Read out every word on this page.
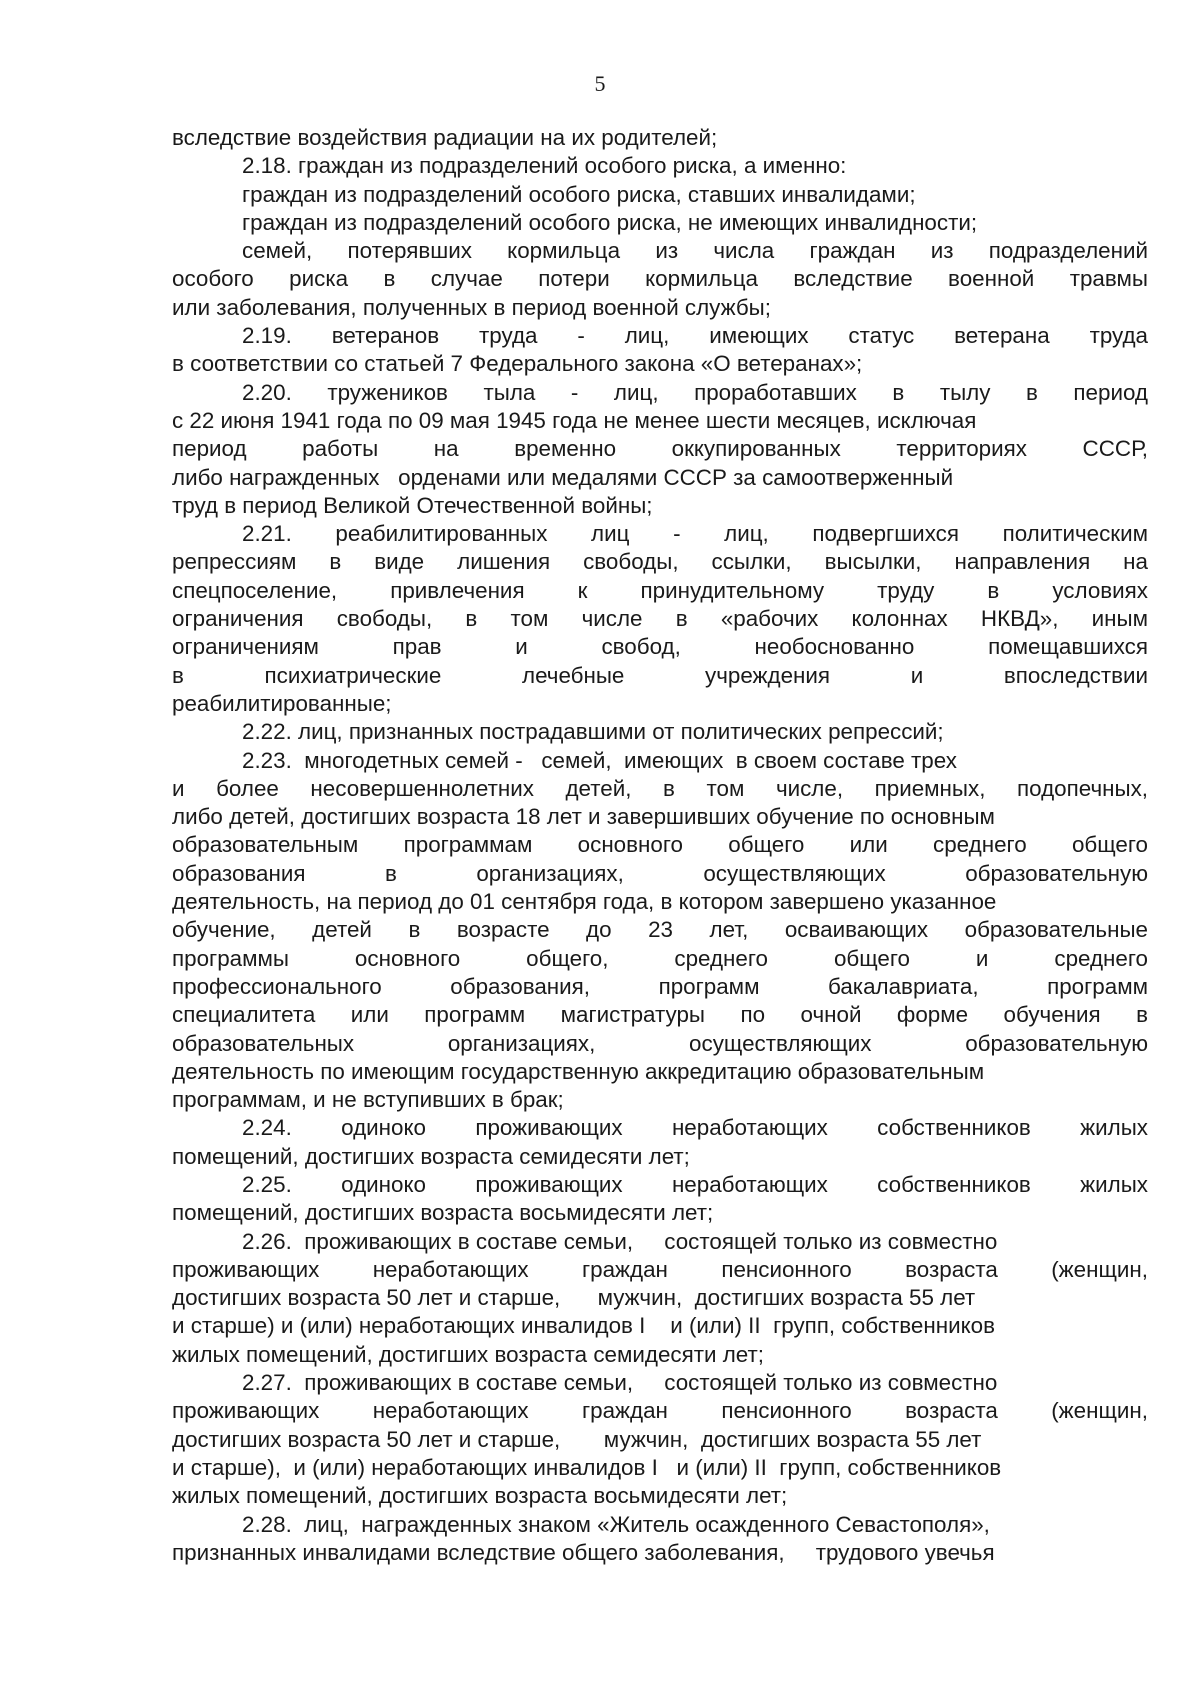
5
вследствие воздействия радиации на их родителей;
2.18. граждан из подразделений особого риска, а именно:
граждан из подразделений особого риска, ставших инвалидами;
граждан из подразделений особого риска, не имеющих инвалидности;
семей, потерявших кормильца из числа граждан из подразделений
особого риска в случае потери кормильца вследствие военной травмы
или заболевания, полученных в период военной службы;
2.19. ветеранов труда - лиц, имеющих статус ветерана труда
в соответствии со статьей 7 Федерального закона «О ветеранах»;
2.20. тружеников тыла - лиц, проработавших в тылу в период
с 22 июня 1941 года по 09 мая 1945 года не менее шести месяцев, исключая
период работы на временно оккупированных территориях СССР,
либо награжденных   орденами или медалями СССР за самоотверженный
труд в период Великой Отечественной войны;
2.21. реабилитированных лиц - лиц, подвергшихся политическим
репрессиям в виде лишения свободы, ссылки, высылки, направления на
спецпоселение, привлечения к принудительному труду в условиях
ограничения свободы, в том числе в «рабочих колоннах НКВД», иным
ограничениям прав и свобод, необоснованно помещавшихся
в психиатрические лечебные учреждения и впоследствии
реабилитированные;
2.22. лиц, признанных пострадавшими от политических репрессий;
2.23.  многодетных семей -   семей,  имеющих  в своем составе трех
и более несовершеннолетних детей, в том числе, приемных, подопечных,
либо детей, достигших возраста 18 лет и завершивших обучение по основным
образовательным программам основного общего или среднего общего
образования в организациях, осуществляющих образовательную
деятельность, на период до 01 сентября года, в котором завершено указанное
обучение, детей в возрасте до 23 лет, осваивающих образовательные
программы основного общего, среднего общего и среднего
профессионального образования, программ бакалавриата, программ
специалитета или программ магистратуры по очной форме обучения в
образовательных организациях, осуществляющих образовательную
деятельность по имеющим государственную аккредитацию образовательным
программам, и не вступивших в брак;
2.24. одиноко проживающих неработающих собственников жилых
помещений, достигших возраста семидесяти лет;
2.25. одиноко проживающих неработающих собственников жилых
помещений, достигших возраста восьмидесяти лет;
2.26.  проживающих в составе семьи,     состоящей только из совместно
проживающих неработающих граждан пенсионного возраста (женщин,
достигших возраста 50 лет и старше,      мужчин,  достигших возраста 55 лет
и старше) и (или) неработающих инвалидов I    и (или) II  групп, собственников
жилых помещений, достигших возраста семидесяти лет;
2.27.  проживающих в составе семьи,     состоящей только из совместно
проживающих неработающих граждан пенсионного возраста (женщин,
достигших возраста 50 лет и старше,       мужчин,  достигших возраста 55 лет
и старше),  и (или) неработающих инвалидов I   и (или) II  групп, собственников
жилых помещений, достигших возраста восьмидесяти лет;
2.28.  лиц,  награжденных знаком «Житель осажденного Севастополя»,
признанных инвалидами вследствие общего заболевания,     трудового увечья
